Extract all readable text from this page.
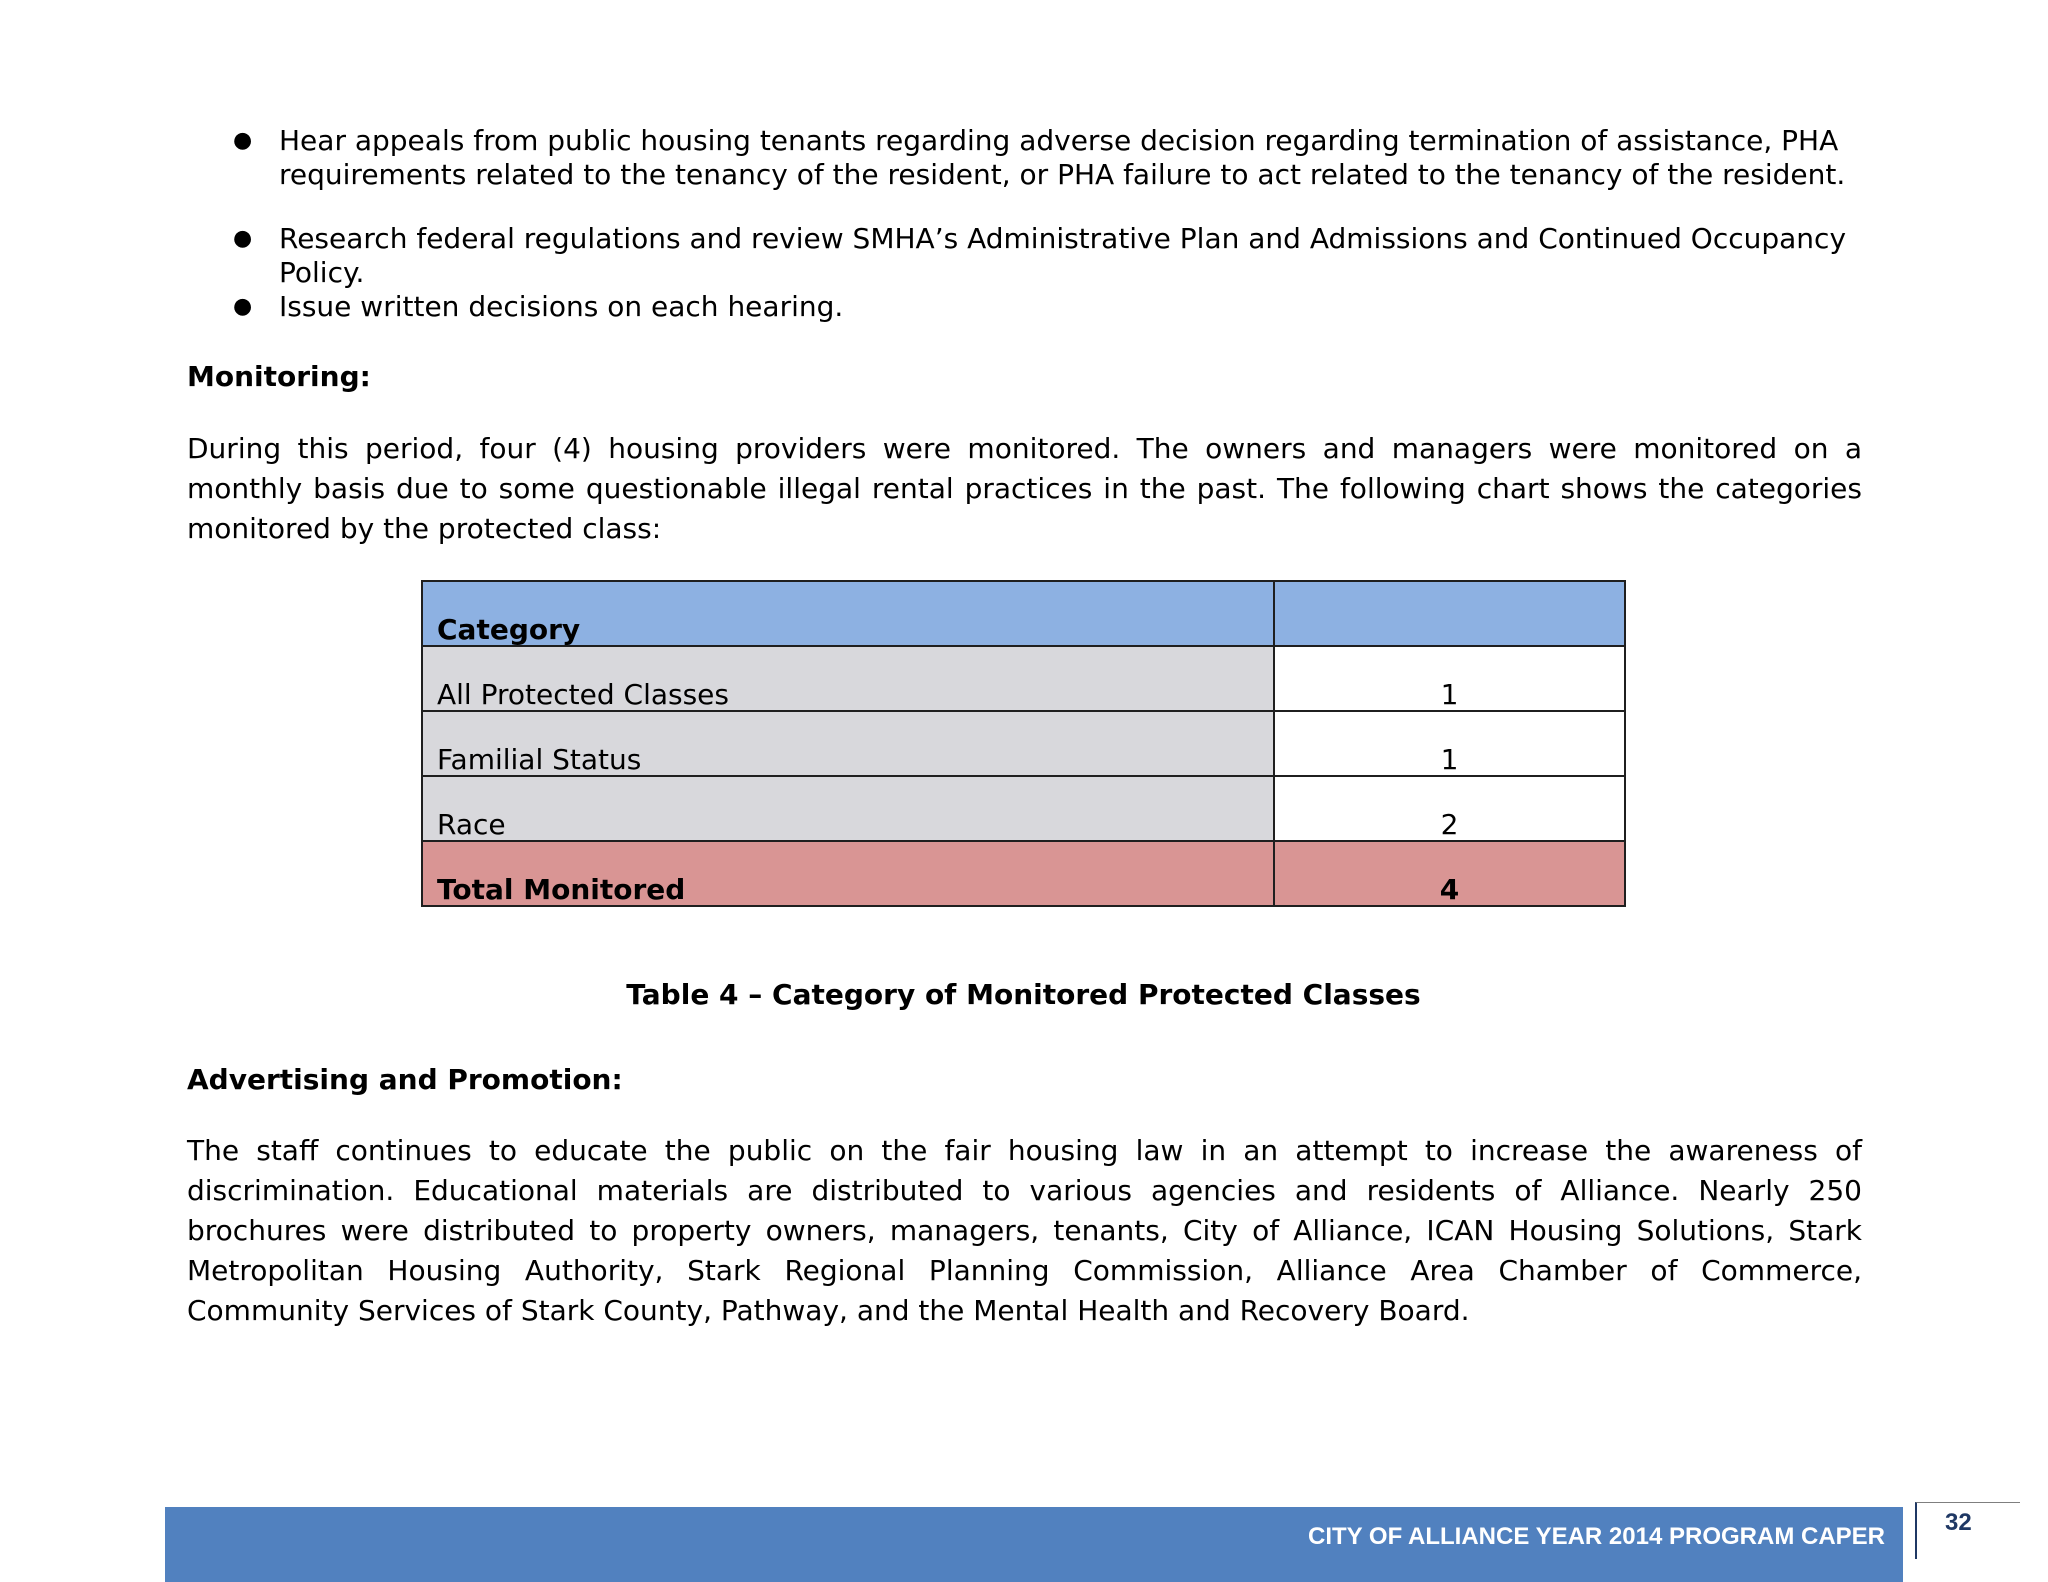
● Hear appeals from public housing tenants regarding adverse decision regarding termination of assistance, PHA requirements related to the tenancy of the resident, or PHA failure to act related to the tenancy of the resident.
● Research federal regulations and review SMHA’s Administrative Plan and Admissions and Continued Occupancy Policy.
● Issue written decisions on each hearing.

Monitoring:

During this period, four (4) housing providers were monitored. The owners and managers were monitored on a monthly basis due to some questionable illegal rental practices in the past. The following chart shows the categories monitored by the protected class:

Category	
All Protected Classes	1
Familial Status	1
Race	2
Total Monitored	4

Table 4 – Category of Monitored Protected Classes

Advertising and Promotion:

The staff continues to educate the public on the fair housing law in an attempt to increase the awareness of discrimination. Educational materials are distributed to various agencies and residents of Alliance. Nearly 250 brochures were distributed to property owners, managers, tenants, City of Alliance, ICAN Housing Solutions, Stark Metropolitan Housing Authority, Stark Regional Planning Commission, Alliance Area Chamber of Commerce, Community Services of Stark County, Pathway, and the Mental Health and Recovery Board.

CITY OF ALLIANCE YEAR 2014 PROGRAM CAPER
32
